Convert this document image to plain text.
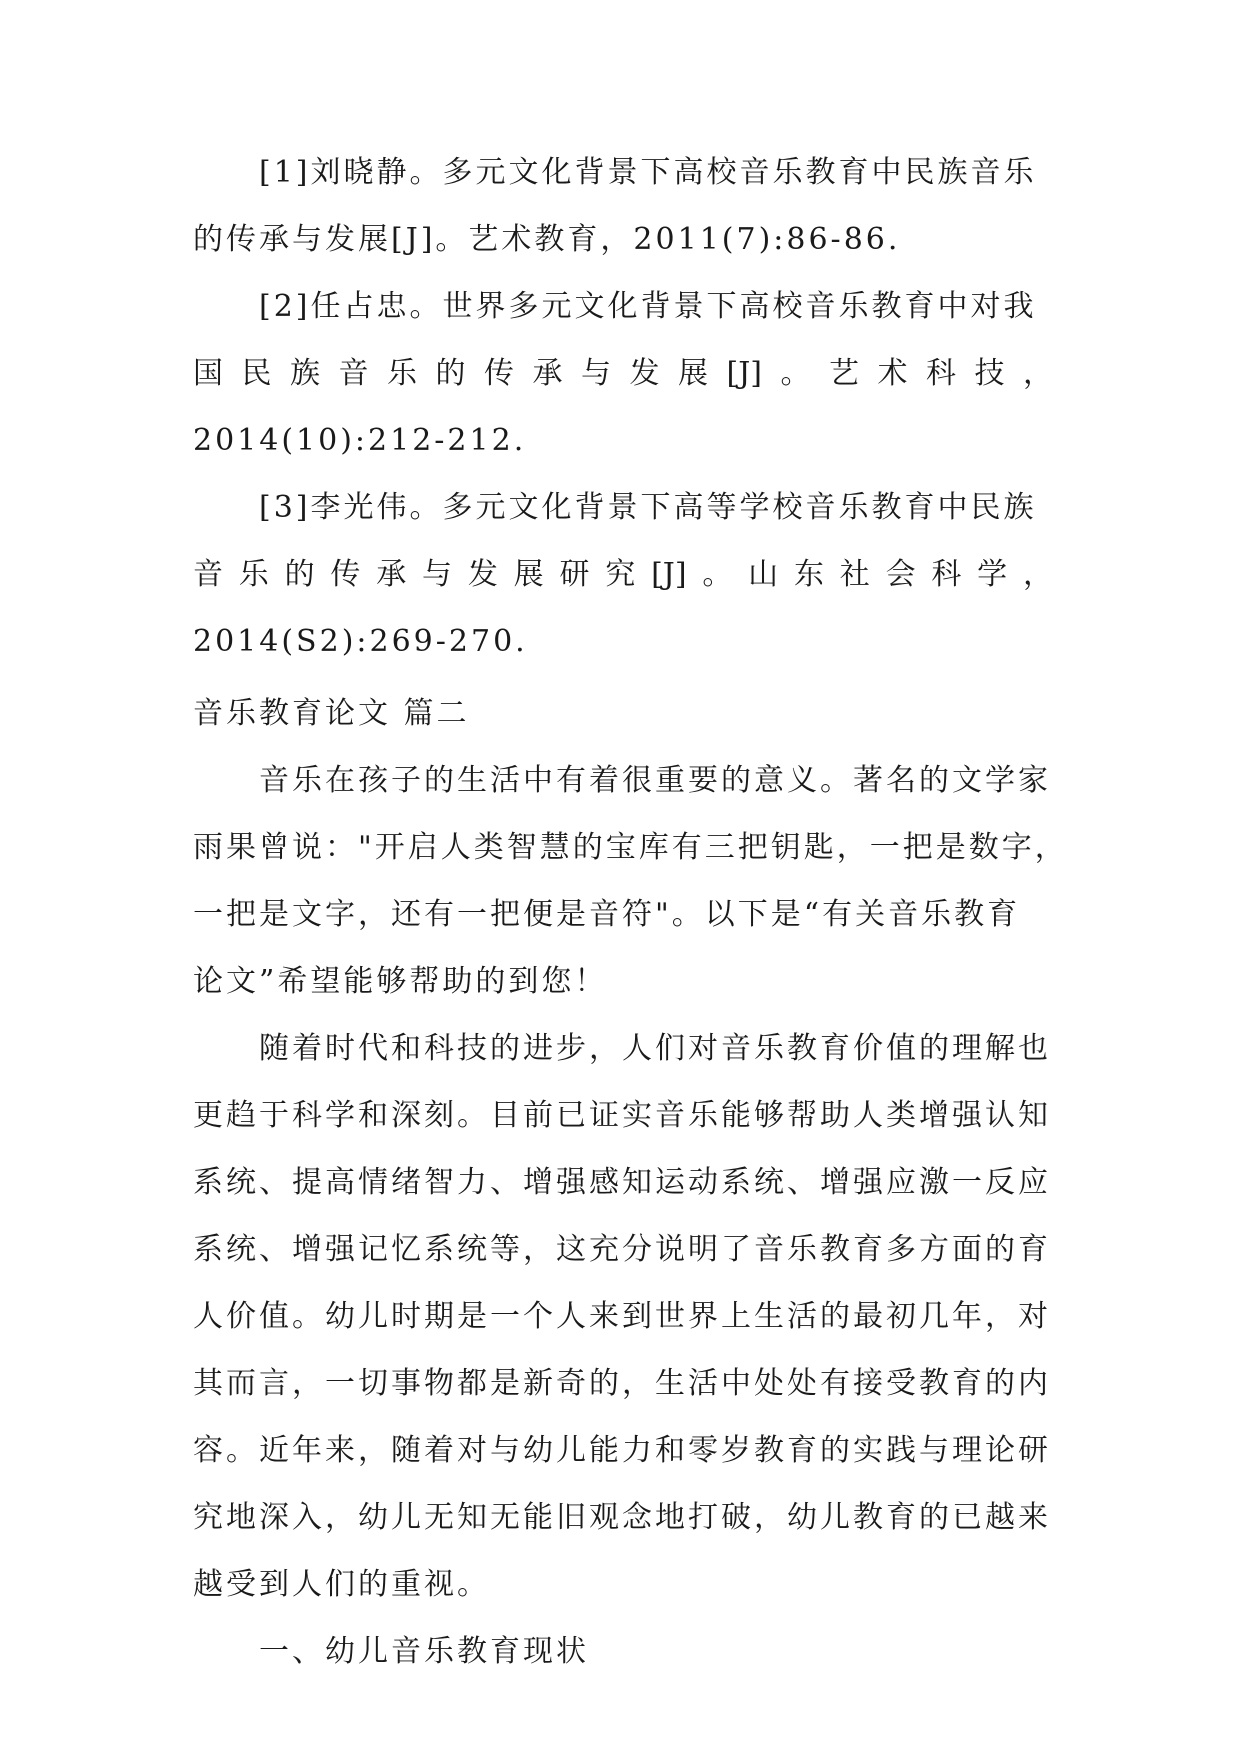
[1]刘晓静。多元文化背景下高校音乐教育中民族音乐
的传承与发展[J]。艺术教育，2011(7):86-86.
[2]任占忠。世界多元文化背景下高校音乐教育中对我
国民族音乐的传承与发展[J]。艺术科技，
2014(10):212-212.
[3]李光伟。多元文化背景下高等学校音乐教育中民族
音乐的传承与发展研究[J]。山东社会科学，
2014(S2):269-270.
音乐教育论文 篇二
音乐在孩子的生活中有着很重要的意义。著名的文学家
雨果曾说："开启人类智慧的宝库有三把钥匙，一把是数字，
一把是文字，还有一把便是音符"。以下是“有关音乐教育
论文”希望能够帮助的到您！
随着时代和科技的进步，人们对音乐教育价值的理解也
更趋于科学和深刻。目前已证实音乐能够帮助人类增强认知
系统、提高情绪智力、增强感知运动系统、增强应激一反应
系统、增强记忆系统等，这充分说明了音乐教育多方面的育
人价值。幼儿时期是一个人来到世界上生活的最初几年，对
其而言，一切事物都是新奇的，生活中处处有接受教育的内
容。近年来，随着对与幼儿能力和零岁教育的实践与理论研
究地深入，幼儿无知无能旧观念地打破，幼儿教育的已越来
越受到人们的重视。
一、幼儿音乐教育现状
